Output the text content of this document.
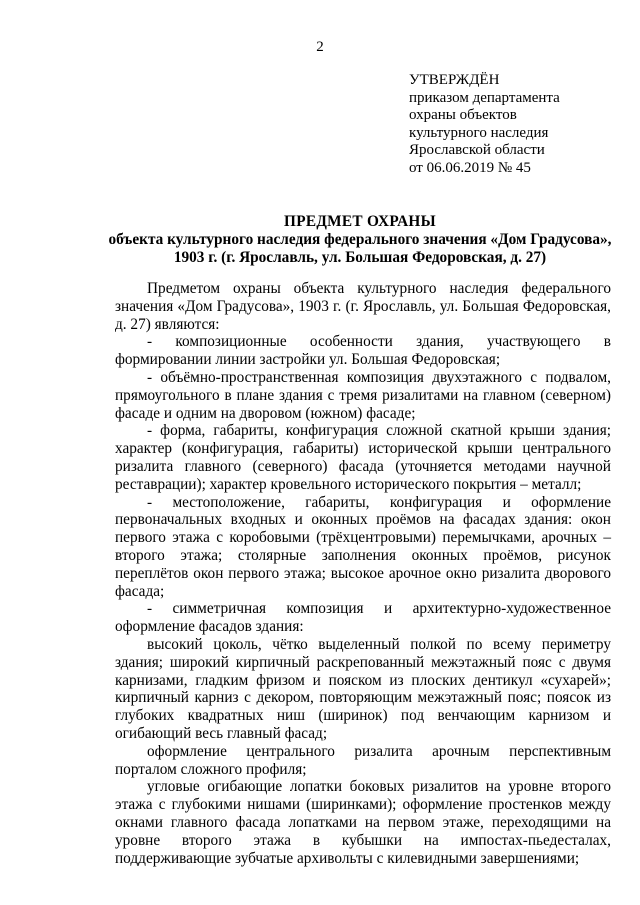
2
УТВЕРЖДЁН
приказом департамента
охраны объектов
культурного наследия
Ярославской области
от 06.06.2019 № 45
ПРЕДМЕТ ОХРАНЫ
объекта культурного наследия федерального значения «Дом Градусова»,
1903 г. (г. Ярославль, ул. Большая Федоровская, д. 27)

Предметом охраны объекта культурного наследия федерального значения «Дом Градусова», 1903 г. (г. Ярославль, ул. Большая Федоровская, д. 27) являются:

- композиционные особенности здания, участвующего в формировании линии застройки ул. Большая Федоровская;

- объёмно-пространственная композиция двухэтажного с подвалом, прямоугольного в плане здания с тремя ризалитами на главном (северном) фасаде и одним на дворовом (южном) фасаде;

- форма, габариты, конфигурация сложной скатной крыши здания; характер (конфигурация, габариты) исторической крыши центрального ризалита главного (северного) фасада (уточняется методами научной реставрации); характер кровельного исторического покрытия – металл;

- местоположение, габариты, конфигурация и оформление первоначальных входных и оконных проёмов на фасадах здания: окон первого этажа с коробовыми (трёхцентровыми) перемычками, арочных – второго этажа; столярные заполнения оконных проёмов, рисунок переплётов окон первого этажа; высокое арочное окно ризалита дворового фасада;

- симметричная композиция и архитектурно-художественное оформление фасадов здания:

высокий цоколь, чётко выделенный полкой по всему периметру здания; широкий кирпичный раскрепованный межэтажный пояс с двумя карнизами, гладким фризом и пояском из плоских дентикул «сухарей»; кирпичный карниз с декором, повторяющим межэтажный пояс; поясок из глубоких квадратных ниш (ширинок) под венчающим карнизом и огибающий весь главный фасад;

оформление центрального ризалита арочным перспективным порталом сложного профиля;

угловые огибающие лопатки боковых ризалитов на уровне второго этажа с глубокими нишами (ширинками); оформление простенков между окнами главного фасада лопатками на первом этаже, переходящими на уровне второго этажа в кубышки на импостах-пьедесталах, поддерживающие зубчатые архивольты с килевидными завершениями;
